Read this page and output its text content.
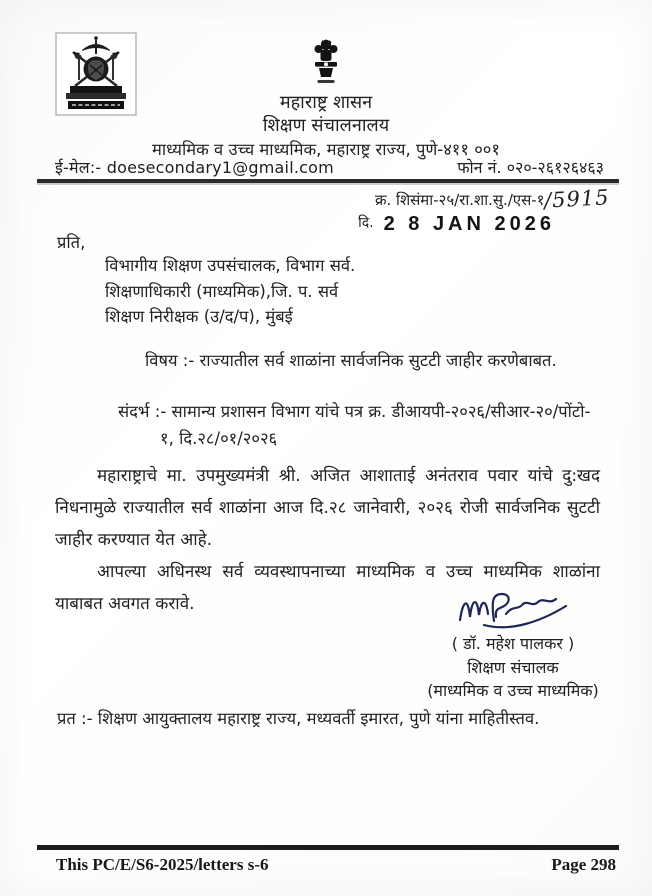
महाराष्ट्र शासन
शिक्षण संचालनालय
माध्यमिक व उच्च माध्यमिक, महाराष्ट्र राज्य, पुणे-४११ ००१
ई-मेल:- doesecondary1@gmail.com	फोन नं. ०२०-२६१२६४६३
क्र. शिसंमा-२५/रा.शा.सु./एस-१/5915
दि. 2 8 JAN 2026
प्रति,
विभागीय शिक्षण उपसंचालक, विभाग सर्व.
शिक्षणाधिकारी (माध्यमिक),जि. प. सर्व
शिक्षण निरीक्षक (उ/द/प), मुंबई
विषय :- राज्यातील सर्व शाळांना सार्वजनिक सुटटी जाहीर करणेबाबत.
संदर्भ :- सामान्य प्रशासन विभाग यांचे पत्र क्र. डीआयपी-२०२६/सीआर-२०/पोंटो-
१, दि.२८/०१/२०२६

महाराष्ट्राचे मा. उपमुख्यमंत्री श्री. अजित आशाताई अनंतराव पवार यांचे दु:खद निधनामुळे राज्यातील सर्व शाळांना आज दि.२८ जानेवारी, २०२६ रोजी सार्वजनिक सुटटी जाहीर करण्यात येत आहे.

आपल्या अधिनस्थ सर्व व्यवस्थापनाच्या माध्यमिक व उच्च माध्यमिक शाळांना याबाबत अवगत करावे.

( डॉ. महेश पालकर )
शिक्षण संचालक
(माध्यमिक व उच्च माध्यमिक)
प्रत :- शिक्षण आयुक्तालय महाराष्ट्र राज्य, मध्यवर्ती इमारत, पुणे यांना माहितीस्तव.
This PC/E/S6-2025/letters s-6	Page 298
